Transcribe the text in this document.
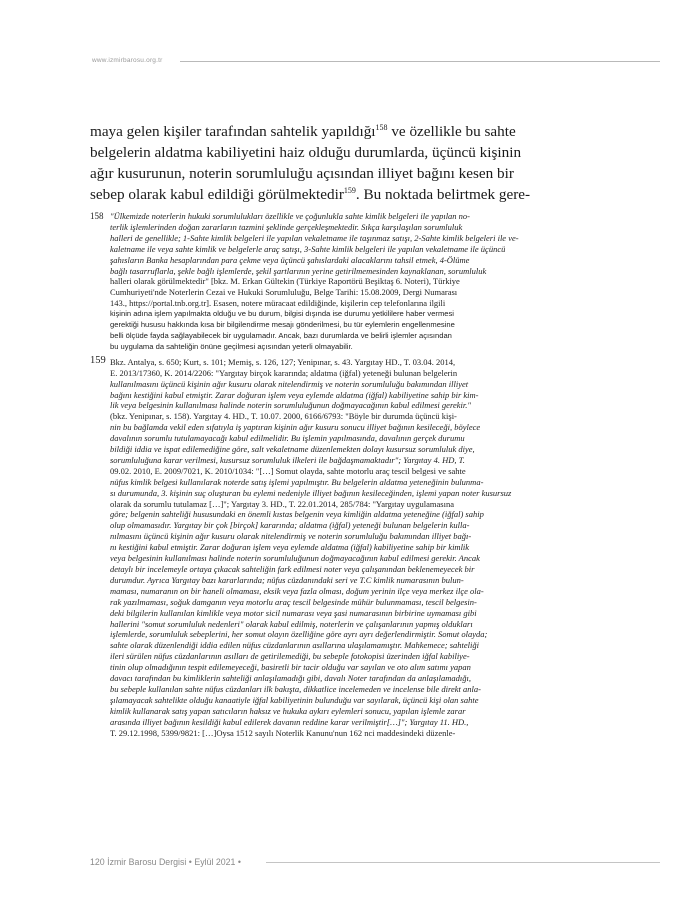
www.izmirbarosu.org.tr
maya gelen kişiler tarafından sahtelik yapıldığı$^{158}$ ve özellikle bu sahte
belgelerin aldatma kabiliyetini haiz olduğu durumlarda, üçüncü kişinin
ağır kusurunun, noterin sorumluluğu açısından illiyet bağını kesen bir
sebep olarak kabul edildiği görülmektedir$^{159}$. Bu noktada belirtmek gere-
158 "Ülkemizde noterlerin hukuki sorumlulukları özellikle ve çoğunlukla sahte kimlik belgeleri ile yapılan no-
terlik işlemlerinden doğan zararların tazmini şeklinde gerçekleşmektedir. Sıkça karşılaşılan sorumluluk
halleri de genellikle; 1-Sahte kimlik belgeleri ile yapılan vekaletname ile taşınmaz satışı, 2-Sahte kimlik belgeleri ile ve-
kaletname ile veya sahte kimlik ve belgelerle araç satışı, 3-Sahte kimlik belgeleri ile yapılan vekaletname ile üçüncü
şahısların Banka hesaplarından para çekme veya üçüncü şahıslardaki alacaklarını tahsil etmek, 4-Ölüme
bağlı tasarruflarla, şekle bağlı işlemlerde, şekil şartlarının yerine getirilmemesinden kaynaklanan, sorumluluk
halleri olarak görülmektedir" [bkz. M. Erkan Gültekin (Türkiye Raportörü Beşiktaş 6. Noteri), Türkiye
Cumhuriyeti'nde Noterlerin Cezai ve Hukuki Sorumluluğu, Belge Tarihi: 15.08.2009, Dergi Numarası
143., https://portal.tnb.org.tr]. Esasen, notere müracaat edildiğinde, kişilerin cep telefonlarına ilgili
kişinin adına işlem yapılmakta olduğu ve bu durum, bilgisi dışında ise durumu yetkililere haber vermesi
gerektiği hususu hakkında kısa bir bilgilendirme mesajı gönderilmesi, bu tür eylemlerin engellenmesine
belli ölçüde fayda sağlayabilecek bir uygulamadır. Ancak, bazı durumlarda ve belirli işlemler açısından
bu uygulama da sahteliğin önüne geçilmesi açısından yeterli olmayabilir.
159 Bkz. Antalya, s. 650; Kurt, s. 101; Memiş, s. 126, 127; Yenipınar, s. 43. Yargıtay HD., T. 03.04. 2014,
E. 2013/17360, K. 2014/2206: "Yargıtay birçok kararında; aldatma (iğfal) yeteneği bulunan belgelerin
kullanılmasını üçüncü kişinin ağır kusuru olarak nitelendirmiş ve noterin sorumluluğu bakımından illiyet
bağını kestiğini kabul etmiştir. Zarar doğuran işlem veya eylemde aldatma (iğfal) kabiliyetine sahip bir kim-
lik veya belgesinin kullanılması halinde noterin sorumluluğunun doğmayacağının kabul edilmesi gerekir."
(bkz. Yenipınar, s. 158). Yargıtay 4. HD., T. 10.07. 2000, 6166/6793: "Böyle bir durumda üçüncü kişi-
nin bu bağlamda vekil eden sıfatıyla iş yaptıran kişinin ağır kusuru sonucu illiyet bağının kesileceği, böylece
davalının sorumlu tutulamayacağı kabul edilmelidir. Bu işlemin yapılmasında, davalının gerçek durumu
bildiği iddia ve ispat edilemediğine göre, salt vekaletname düzenlemekten dolayı kusursuz sorumluluk diye,
sorumluluğuna karar verilmesi, kusursuz sorumluluk ilkeleri ile bağdaşmamaktadır"; Yargıtay 4. HD, T.
09.02. 2010, E. 2009/7021, K. 2010/1034: "[…] Somut olayda, sahte motorlu araç tescil belgesi ve sahte
nüfus kimlik belgesi kullanılarak noterde satış işlemi yapılmıştır. Bu belgelerin aldatma yeteneğinin bulunma-
sı durumunda, 3. kişinin suç oluşturan bu eylemi nedeniyle illiyet bağının kesileceğinden, işlemi yapan noter kusursuz
olarak da sorumlu tutulamaz […]"; Yargıtay 3. HD., T. 22.01.2014, 285/784: "Yargıtay uygulamasına
göre; belgenin sahteliği hususundaki en önemli kıstas belgenin veya kimliğin aldatma yeteneğine (iğfal) sahip
olup olmamasıdır. Yargıtay bir çok [birçok] kararında; aldatma (iğfal) yeteneği bulunan belgelerin kulla-
nılmasını üçüncü kişinin ağır kusuru olarak nitelendirmiş ve noterin sorumluluğu bakımından illiyet bağı-
nı kestiğini kabul etmiştir. Zarar doğuran işlem veya eylemde aldatma (iğfal) kabiliyetine sahip bir kimlik
veya belgesinin kullanılması halinde noterin sorumluluğunun doğmayacağının kabul edilmesi gerekir. Ancak
detaylı bir incelemeyle ortaya çıkacak sahteliğin fark edilmesi noter veya çalışanından beklenemeyecek bir
durumdur. Ayrıca Yargıtay bazı kararlarında; nüfus cüzdanındaki seri ve T.C kimlik numarasının bulun-
maması, numaranın on bir haneli olmaması, eksik veya fazla olması, doğum yerinin ilçe veya merkez ilçe ola-
rak yazılmaması, soğuk damganın veya motorlu araç tescil belgesinde mühür bulunmaması, tescil belgesin-
deki bilgilerin kullanılan kimlikle veya motor sicil numarası veya şasi numarasının birbirine uymaması gibi
hallerini "somut sorumluluk nedenleri" olarak kabul edilmiş, noterlerin ve çalışanlarının yapmış oldukları
işlemlerde, sorumluluk sebeplerini, her somut olayın özelliğine göre ayrı ayrı değerlendirmiştir. Somut olayda;
sahte olarak düzenlendiği iddia edilen nüfus cüzdanlarının asıllarına ulaşılamamıştır. Mahkemece; sahteliği
ileri sürülen nüfus cüzdanlarının asılları de getirilemediği, bu sebeple fotokopisi üzerinden iğfal kabiliye-
tinin olup olmadığının tespit edilemeyeceği, basiretli bir tacir olduğu var sayılan ve oto alım satımı yapan
davacı tarafından bu kimliklerin sahteliği anlaşılamadığı gibi, davalı Noter tarafından da anlaşılamadığı,
bu sebeple kullanılan sahte nüfus cüzdanları ilk bakışta, dikkatlice incelemeden ve incelense bile direkt anla-
şılamayacak sahtelikte olduğu kanaatiyle iğfal kabiliyetinin bulunduğu var sayılarak, üçüncü kişi olan sahte
kimlik kullanarak satış yapan satıcıların haksız ve hukuka aykırı eylemleri sonucu, yapılan işlemle zarar
arasında illiyet bağının kesildiği kabul edilerek davanın reddine karar verilmiştir[…]"; Yargıtay 11. HD.,
T. 29.12.1998, 5399/9821: […]Oysa 1512 sayılı Noterlik Kanunu'nun 162 nci maddesindeki düzenle-
120 İzmir Barosu Dergisi • Eylül 2021 •
